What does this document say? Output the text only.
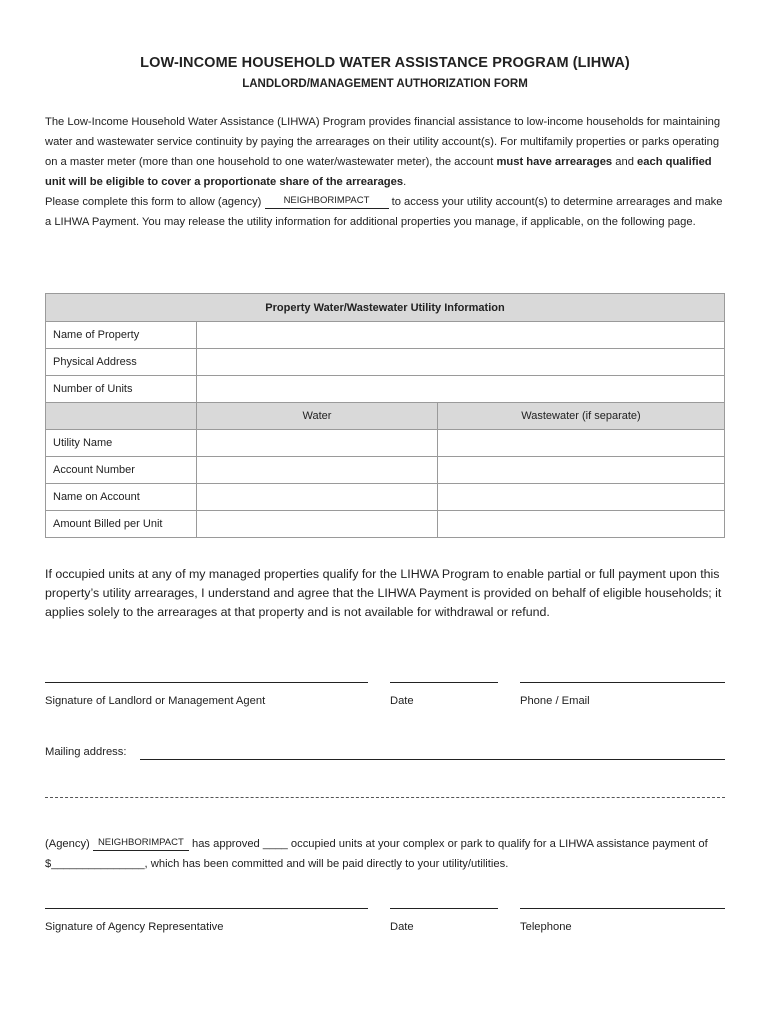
LOW-INCOME HOUSEHOLD WATER ASSISTANCE PROGRAM (LIHWA)
LANDLORD/MANAGEMENT AUTHORIZATION FORM
The Low-Income Household Water Assistance (LIHWA) Program provides financial assistance to low-income households for maintaining water and wastewater service continuity by paying the arrearages on their utility account(s). For multifamily properties or parks operating on a master meter (more than one household to one water/wastewater meter), the account must have arrearages and each qualified unit will be eligible to cover a proportionate share of the arrearages.
Please complete this form to allow (agency) NEIGHBORIMPACT to access your utility account(s) to determine arrearages and make a LIHWA Payment. You may release the utility information for additional properties you manage, if applicable, on the following page.
Property Water/Wastewater Utility Information		
Name of Property		
Physical Address		
Number of Units		
	Water	Wastewater (if separate)
Utility Name		
Account Number		
Name on Account		
Amount Billed per Unit		
If occupied units at any of my managed properties qualify for the LIHWA Program to enable partial or full payment upon this property’s utility arrearages, I understand and agree that the LIHWA Payment is provided on behalf of eligible households; it applies solely to the arrearages at that property and is not available for withdrawal or refund.
Signature of Landlord or Management Agent	Date	Phone / Email
Mailing address:
(Agency) NEIGHBORIMPACT has approved ____ occupied units at your complex or park to qualify for a LIHWA assistance payment of $_______________, which has been committed and will be paid directly to your utility/utilities.
Signature of Agency Representative	Date	Telephone
